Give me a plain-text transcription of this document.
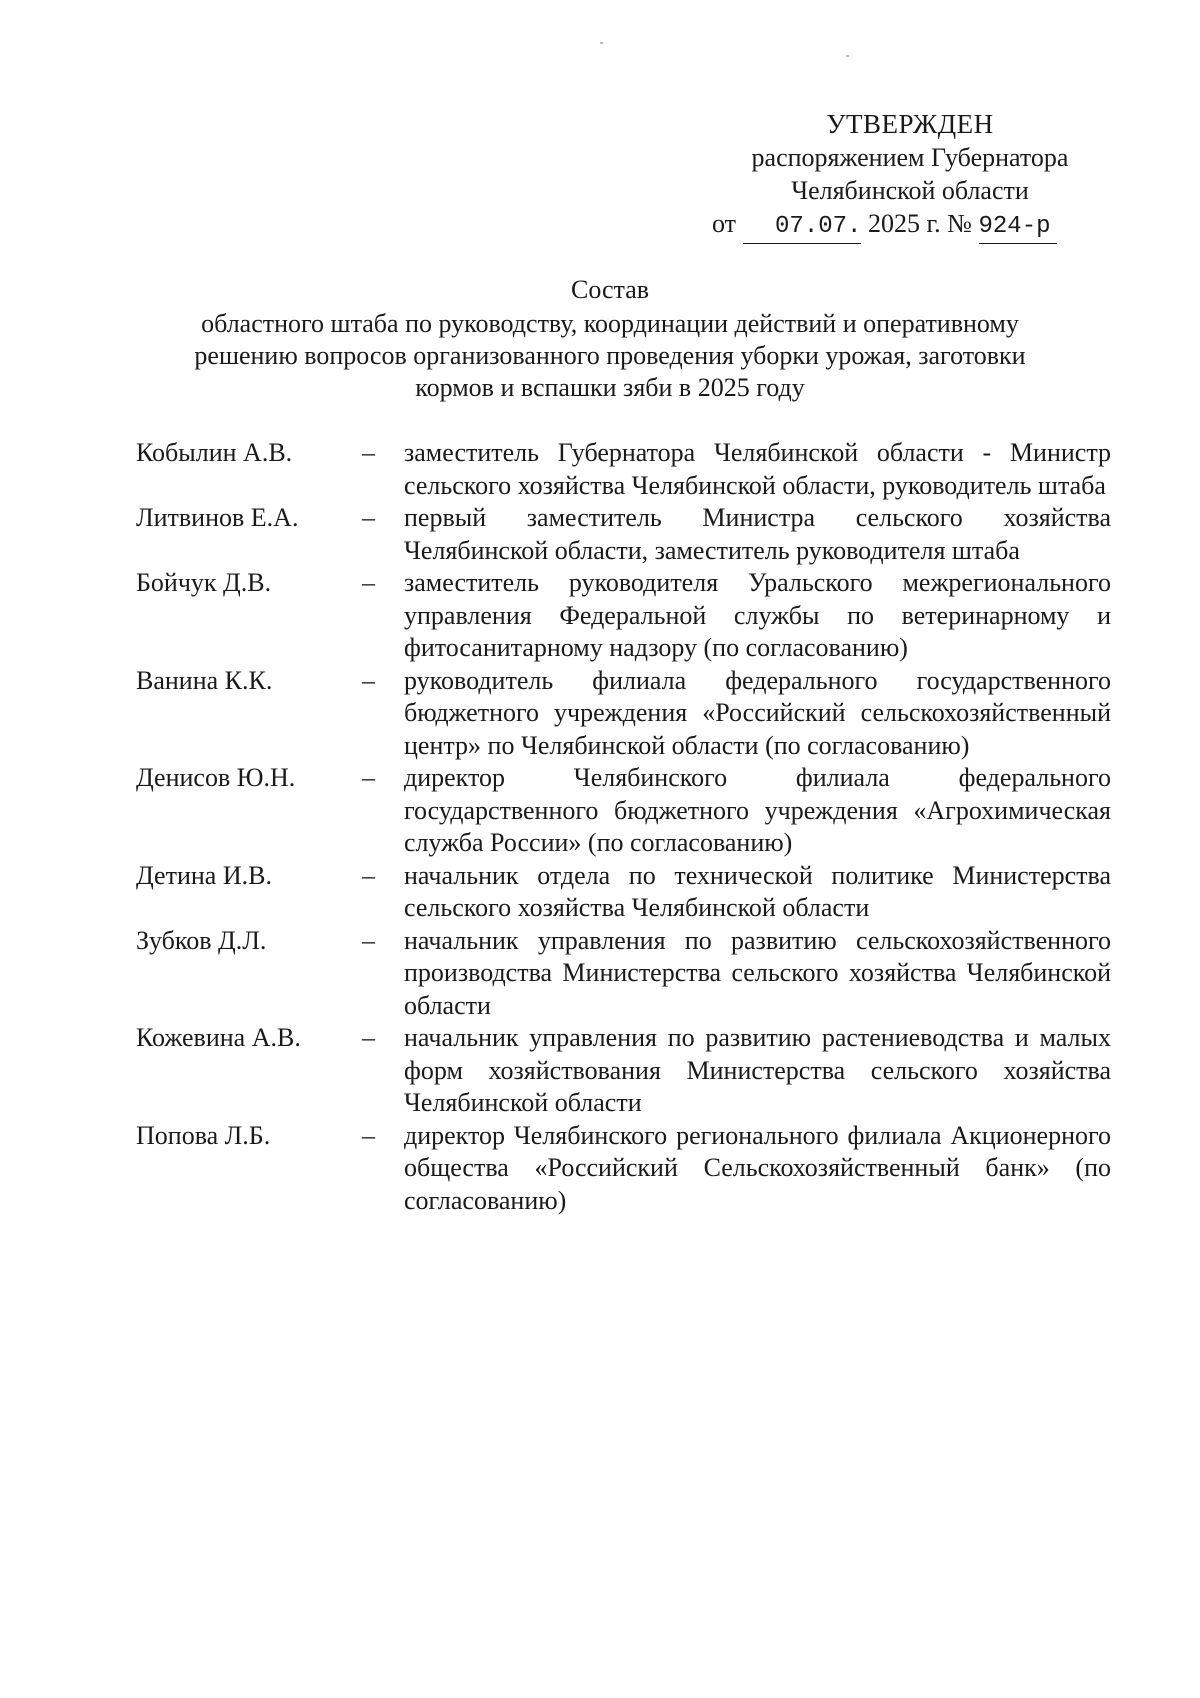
УТВЕРЖДЕН
распоряжением Губернатора
Челябинской области
от 07.07. 2025 г. № 924-р
Состав
областного штаба по руководству, координации действий и оперативному
решению вопросов организованного проведения уборки урожая, заготовки
кормов и вспашки зяби в 2025 году
Кобылин А.В.	–	заместитель Губернатора Челябинской области - Министр сельского хозяйства Челябинской области, руководитель штаба
Литвинов Е.А.	–	первый заместитель Министра сельского хозяйства Челябинской области, заместитель руководителя штаба
Бойчук Д.В.	–	заместитель руководителя Уральского межрегионального управления Федеральной службы по ветеринарному и фитосанитарному надзору (по согласованию)
Ванина К.К.	–	руководитель филиала федерального государственного бюджетного учреждения «Российский сельскохозяйственный центр» по Челябинской области (по согласованию)
Денисов Ю.Н.	–	директор Челябинского филиала федерального государственного бюджетного учреждения «Агрохимическая служба России» (по согласованию)
Детина И.В.	–	начальник отдела по технической политике Министерства сельского хозяйства Челябинской области
Зубков Д.Л.	–	начальник управления по развитию сельскохозяйственного производства Министерства сельского хозяйства Челябинской области
Кожевина А.В.	–	начальник управления по развитию растениеводства и малых форм хозяйствования Министерства сельского хозяйства Челябинской области
Попова Л.Б.	–	директор Челябинского регионального филиала Акционерного общества «Российский Сельскохозяйственный банк» (по согласованию)
